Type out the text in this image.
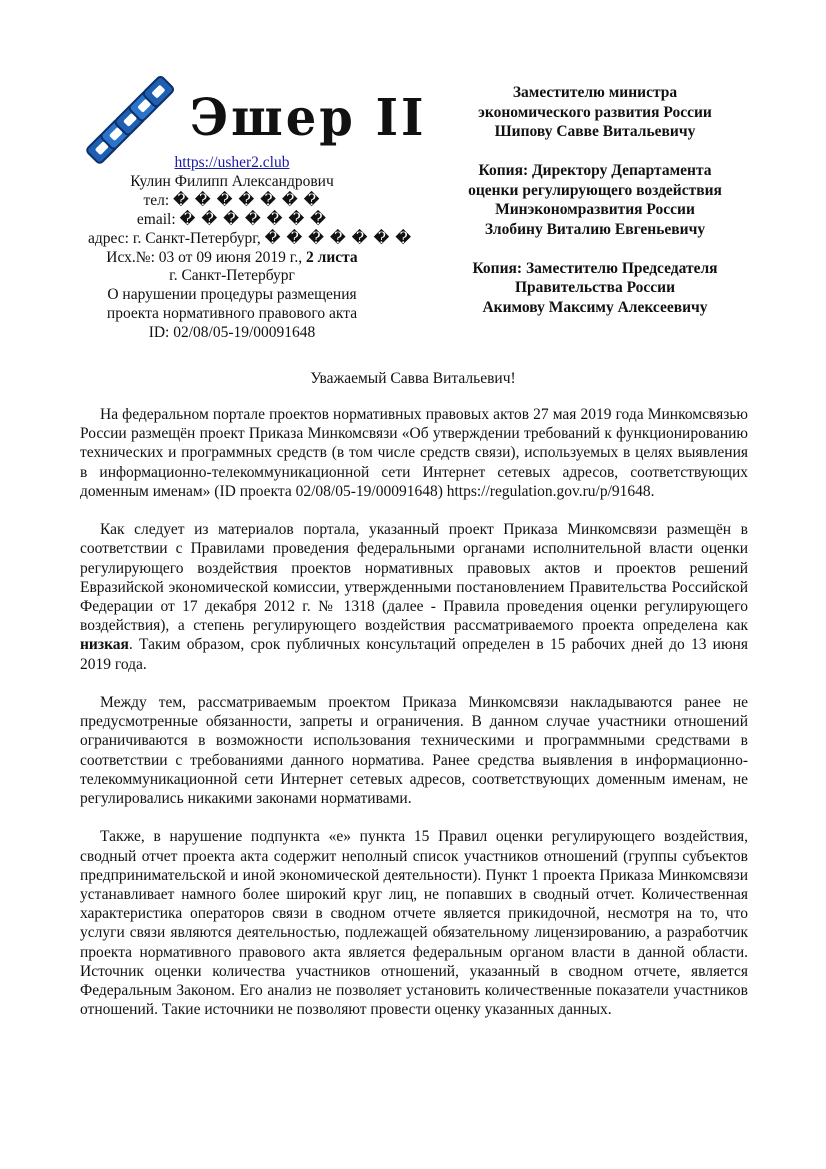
Эшер II
https://usher2.club
Кулин Филипп Александрович
тел: � � � � � � �
email: � � � � � � �
адрес: г. Санкт-Петербург, � � � � � � �
Исх.№: 03 от 09 июня 2019 г., 2 листа
г. Санкт-Петербург
О нарушении процедуры размещения
проекта нормативного правового акта
ID: 02/08/05-19/00091648
Заместителю министра
экономического развития России
Шипову Савве Витальевичу
Копия: Директору Департамента
оценки регулирующего воздействия
Минэкономразвития России
Злобину Виталию Евгеньевичу
Копия: Заместителю Председателя
Правительства России
Акимову Максиму Алексеевичу
Уважаемый Савва Витальевич!

На федеральном портале проектов нормативных правовых актов 27 мая 2019 года Минкомсвязью России размещён проект Приказа Минкомсвязи «Об утверждении требований к функционированию технических и программных средств (в том числе средств связи), используемых в целях выявления в информационно-телекоммуникационной сети Интернет сетевых адресов, соответствующих доменным именам» (ID проекта 02/08/05-19/00091648) https://regulation.gov.ru/p/91648.

Как следует из материалов портала, указанный проект Приказа Минкомсвязи размещён в соответствии с Правилами проведения федеральными органами исполнительной власти оценки регулирующего воздействия проектов нормативных правовых актов и проектов решений Евразийской экономической комиссии, утвержденными постановлением Правительства Российской Федерации от 17 декабря 2012 г. № 1318 (далее - Правила проведения оценки регулирующего воздействия), а степень регулирующего воздействия рассматриваемого проекта определена как низкая. Таким образом, срок публичных консультаций определен в 15 рабочих дней до 13 июня 2019 года.

Между тем, рассматриваемым проектом Приказа Минкомсвязи накладываются ранее не предусмотренные обязанности, запреты и ограничения. В данном случае участники отношений ограничиваются в возможности использования техническими и программными средствами в соответствии с требованиями данного норматива. Ранее средства выявления в информационно-телекоммуникационной сети Интернет сетевых адресов, соответствующих доменным именам, не регулировались никакими законами нормативами.

Также, в нарушение подпункта «е» пункта 15 Правил оценки регулирующего воздействия, сводный отчет проекта акта содержит неполный список участников отношений (группы субъектов предпринимательской и иной экономической деятельности). Пункт 1 проекта Приказа Минкомсвязи устанавливает намного более широкий круг лиц, не попавших в сводный отчет. Количественная характеристика операторов связи в сводном отчете является прикидочной, несмотря на то, что услуги связи являются деятельностью, подлежащей обязательному лицензированию, а разработчик проекта нормативного правового акта является федеральным органом власти в данной области. Источник оценки количества участников отношений, указанный в сводном отчете, является Федеральным Законом. Его анализ не позволяет установить количественные показатели участников отношений. Такие источники не позволяют провести оценку указанных данных.
